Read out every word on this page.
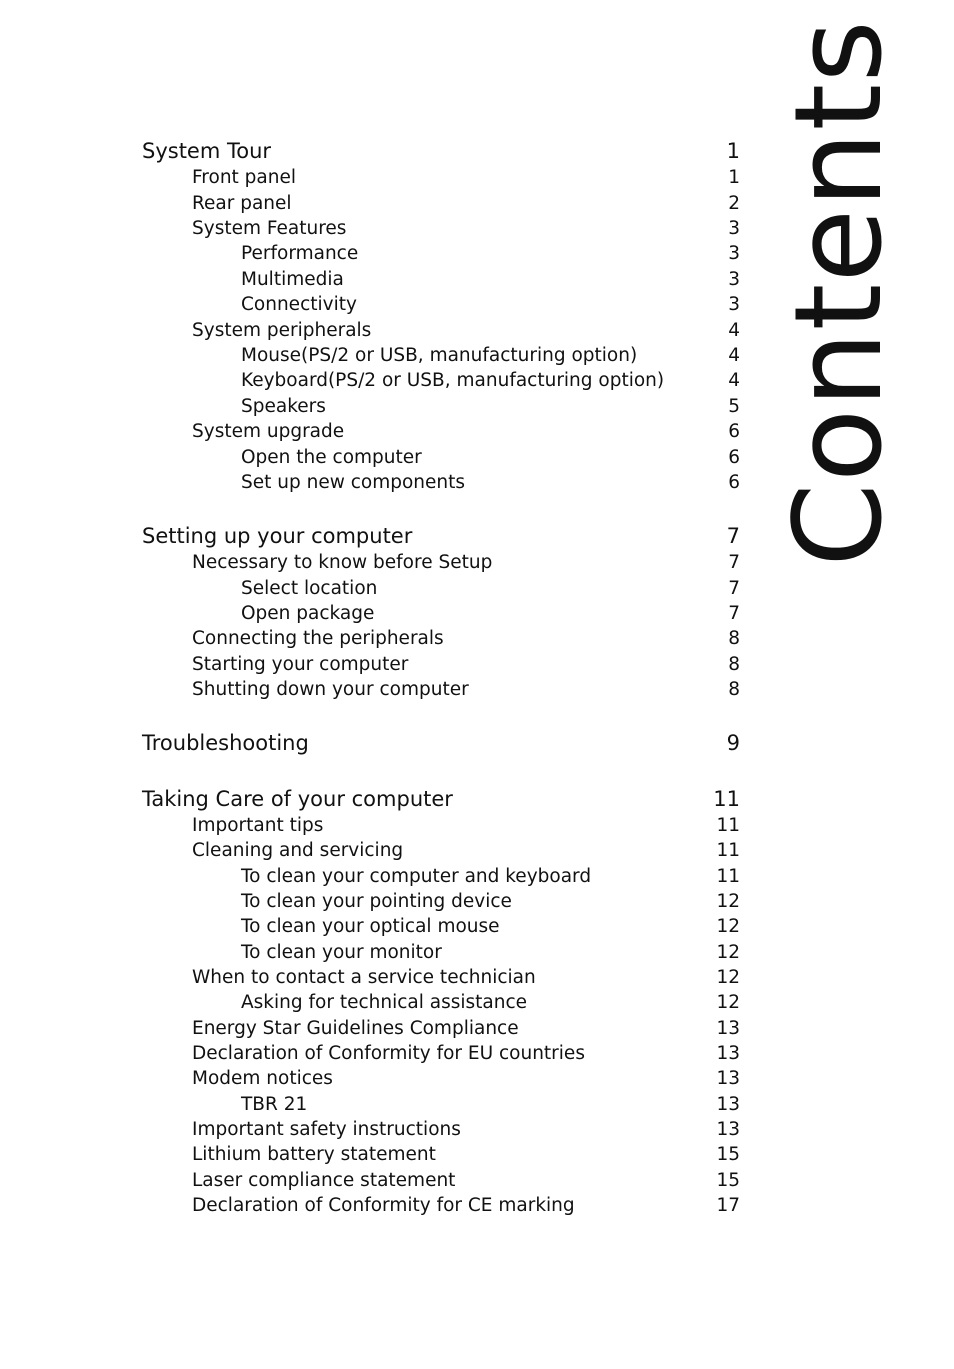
Contents
System Tour	1
Front panel	1
Rear panel	2
System Features	3
Performance	3
Multimedia	3
Connectivity	3
System peripherals	4
Mouse(PS/2 or USB, manufacturing option)	4
Keyboard(PS/2 or USB, manufacturing option)	4
Speakers	5
System upgrade	6
Open the computer	6
Set up new components	6
Setting up your computer	7
Necessary to know before Setup	7
Select location	7
Open package	7
Connecting the peripherals	8
Starting your computer	8
Shutting down your computer	8
Troubleshooting	9
Taking Care of your computer	11
Important tips	11
Cleaning and servicing	11
To clean your computer and keyboard	11
To clean your pointing device	12
To clean your optical mouse	12
To clean your monitor	12
When to contact a service technician	12
Asking for technical assistance	12
Energy Star Guidelines Compliance	13
Declaration of Conformity for EU countries	13
Modem notices	13
TBR 21	13
Important safety instructions	13
Lithium battery statement	15
Laser compliance statement	15
Declaration of Conformity for CE marking	17
